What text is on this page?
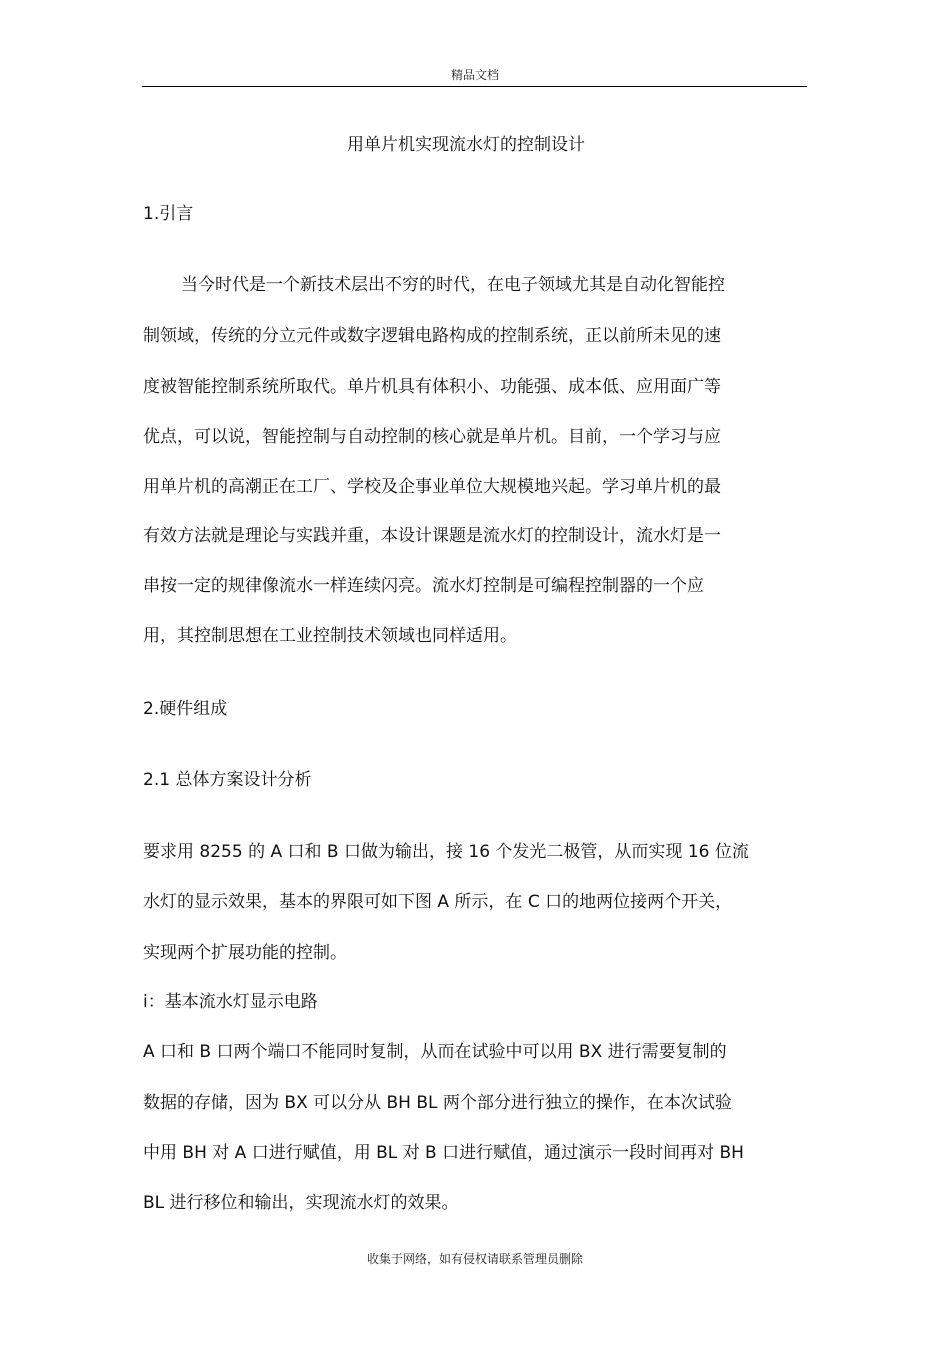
精品文档
用单片机实现流水灯的控制设计
1.引言
当今时代是一个新技术层出不穷的时代，在电子领域尤其是自动化智能控
制领域，传统的分立元件或数字逻辑电路构成的控制系统，正以前所未见的速
度被智能控制系统所取代。单片机具有体积小、功能强、成本低、应用面广等
优点，可以说，智能控制与自动控制的核心就是单片机。目前，一个学习与应
用单片机的高潮正在工厂、学校及企事业单位大规模地兴起。学习单片机的最
有效方法就是理论与实践并重，本设计课题是流水灯的控制设计，流水灯是一
串按一定的规律像流水一样连续闪亮。流水灯控制是可编程控制器的一个应
用，其控制思想在工业控制技术领域也同样适用。
2.硬件组成
2.1 总体方案设计分析
要求用 8255 的 A 口和 B 口做为输出，接 16 个发光二极管，从而实现 16 位流
水灯的显示效果，基本的界限可如下图 A 所示，在 C 口的地两位接两个开关，
实现两个扩展功能的控制。
i：基本流水灯显示电路
A 口和 B 口两个端口不能同时复制，从而在试验中可以用 BX 进行需要复制的
数据的存储，因为 BX 可以分从 BH BL 两个部分进行独立的操作，在本次试验
中用 BH 对 A 口进行赋值，用 BL 对 B 口进行赋值，通过演示一段时间再对 BH
BL 进行移位和输出，实现流水灯的效果。
收集于网络，如有侵权请联系管理员删除
